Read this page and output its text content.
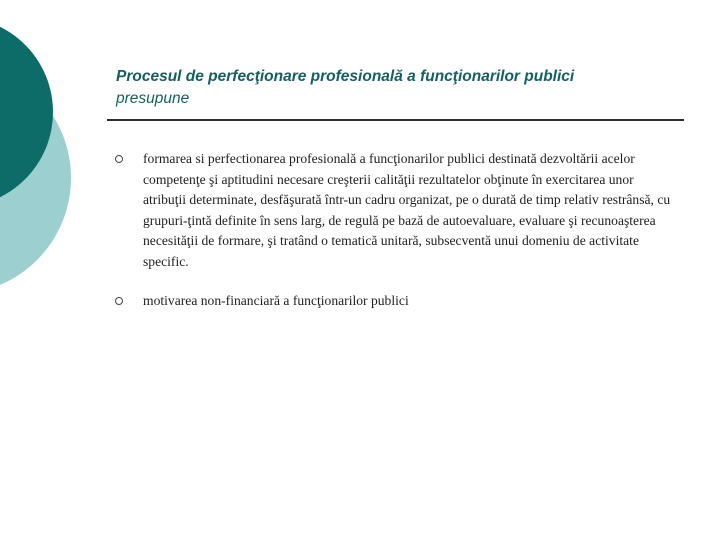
Procesul de perfecţionare profesională a funcţionarilor publici
presupune
formarea si perfectionarea profesională a funcţionarilor publici destinată dezvoltării acelor competenţe şi aptitudini necesare creşterii calităţii rezultatelor obţinute în exercitarea unor atribuţii determinate, desfăşurată într-un cadru organizat, pe o durată de timp relativ restrânsă, cu grupuri-ţintă definite în sens larg, de regulă pe bază de autoevaluare, evaluare şi recunoaşterea necesităţii de formare, şi tratând o tematică unitară, subsecventă unui domeniu de activitate specific.
motivarea non-financiară a funcţionarilor publici
